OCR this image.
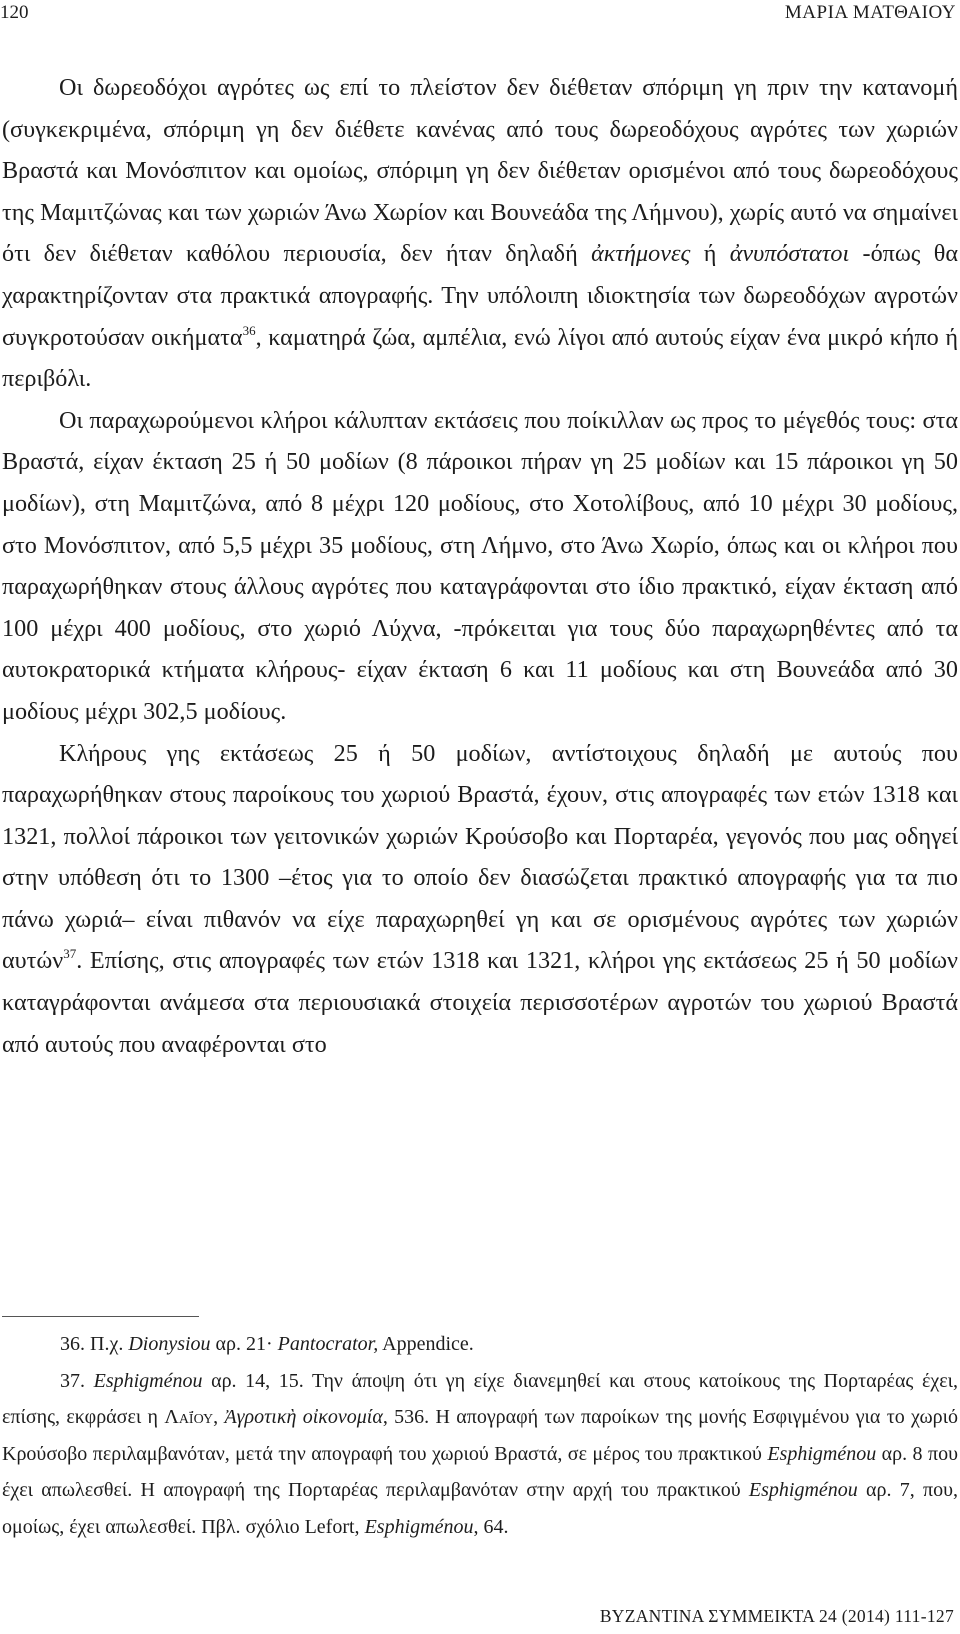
120	ΜΑΡΙΑ ΜΑΤΘΑΙΟΥ

Οι δωρεοδόχοι αγρότες ως επί το πλείστον δεν διέθεταν σπόριμη γη πριν την κατανομή (συγκεκριμένα, σπόριμη γη δεν διέθετε κανένας από τους δωρεοδόχους αγρότες των χωριών Βραστά και Μονόσπιτον και ομοίως, σπόριμη γη δεν διέθεταν ορισμένοι από τους δωρεοδόχους της Μαμιτζώνας και των χωριών Άνω Χωρίον και Βουνεάδα της Λήμνου), χωρίς αυτό να σημαίνει ότι δεν διέθεταν καθόλου περιουσία, δεν ήταν δηλαδή ἀκτήμονες ή ἀνυπόστατοι -όπως θα χαρακτηρίζονταν στα πρακτικά απογραφής. Την υπόλοιπη ιδιοκτησία των δωρεοδόχων αγροτών συγκροτούσαν οικήματα$^{36}$, καματηρά ζώα, αμπέλια, ενώ λίγοι από αυτούς είχαν ένα μικρό κήπο ή περιβόλι.

Οι παραχωρούμενοι κλήροι κάλυπταν εκτάσεις που ποίκιλλαν ως προς το μέγεθός τους: στα Βραστά, είχαν έκταση 25 ή 50 μοδίων (8 πάροικοι πήραν γη 25 μοδίων και 15 πάροικοι γη 50 μοδίων), στη Μαμιτζώνα, από 8 μέχρι 120 μοδίους, στο Χοτολίβους, από 10 μέχρι 30 μοδίους, στο Μονόσπιτον, από 5,5 μέχρι 35 μοδίους, στη Λήμνο, στο Άνω Χωρίο, όπως και οι κλήροι που παραχωρήθηκαν στους άλλους αγρότες που καταγράφονται στο ίδιο πρακτικό, είχαν έκταση από 100 μέχρι 400 μοδίους, στο χωριό Λύχνα, -πρόκειται για τους δύο παραχωρηθέντες από τα αυτοκρατορικά κτήματα κλήρους- είχαν έκταση 6 και 11 μοδίους και στη Βουνεάδα από 30 μοδίους μέχρι 302,5 μοδίους.

Κλήρους γης εκτάσεως 25 ή 50 μοδίων, αντίστοιχους δηλαδή με αυτούς που παραχωρήθηκαν στους παροίκους του χωριού Βραστά, έχουν, στις απογραφές των ετών 1318 και 1321, πολλοί πάροικοι των γειτονικών χωριών Κρούσοβο και Πορταρέα, γεγονός που μας οδηγεί στην υπόθεση ότι το 1300 –έτος για το οποίο δεν διασώζεται πρακτικό απογραφής για τα πιο πάνω χωριά– είναι πιθανόν να είχε παραχωρηθεί γη και σε ορισμένους αγρότες των χωριών αυτών$^{37}$. Επίσης, στις απογραφές των ετών 1318 και 1321, κλήροι γης εκτάσεως 25 ή 50 μοδίων καταγράφονται ανάμεσα στα περιουσιακά στοιχεία περισσοτέρων αγροτών του χωριού Βραστά από αυτούς που αναφέρονται στο

36. Π.χ. Dionysiou αρ. 21· Pantocrator, Appendice.

37. Esphigménou αρ. 14, 15. Την άποψη ότι γη είχε διανεμηθεί και στους κατοίκους της Πορταρέας έχει, επίσης, εκφράσει η Λαΐου, Ἀγροτικὴ οἰκονομία, 536. Η απογραφή των παροίκων της μονής Εσφιγμένου για το χωριό Κρούσοβο περιλαμβανόταν, μετά την απογραφή του χωριού Βραστά, σε μέρος του πρακτικού Esphigménou αρ. 8 που έχει απωλεσθεί. Η απογραφή της Πορταρέας περιλαμβανόταν στην αρχή του πρακτικού Esphigménou αρ. 7, που, ομοίως, έχει απωλεσθεί. Πβλ. σχόλιο Lefort, Esphigménou, 64.

BYZANTINA ΣΥΜΜΕΙΚΤΑ 24 (2014) 111-127
